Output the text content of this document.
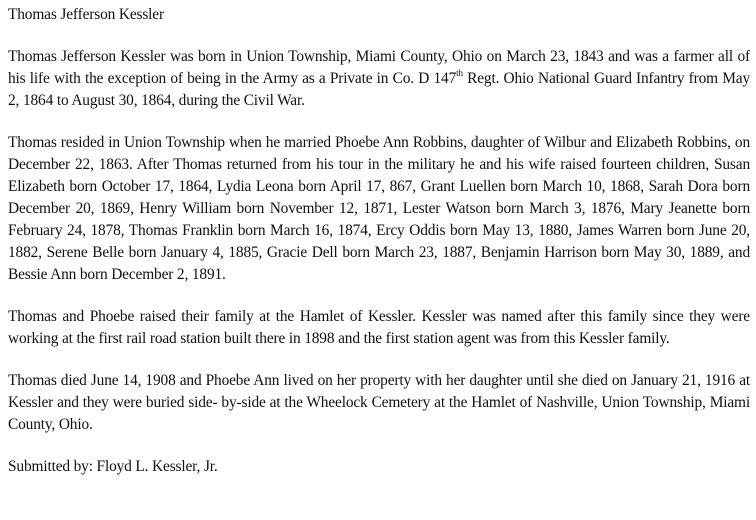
Thomas Jefferson Kessler

Thomas Jefferson Kessler was born in Union Township, Miami County, Ohio on March 23, 1843 and was a farmer all of his life with the exception of being in the Army as a Private in Co. D 147th Regt. Ohio National Guard Infantry from May 2, 1864 to August 30, 1864, during the Civil War.

Thomas resided in Union Township when he married Phoebe Ann Robbins, daughter of Wilbur and Elizabeth Robbins, on December 22, 1863. After Thomas returned from his tour in the military he and his wife raised fourteen children, Susan Elizabeth born October 17, 1864, Lydia Leona born April 17, 867, Grant Luellen born March 10, 1868, Sarah Dora born December 20, 1869, Henry William born November 12, 1871, Lester Watson born March 3, 1876, Mary Jeanette born February 24, 1878, Thomas Franklin born March 16, 1874, Ercy Oddis born May 13, 1880, James Warren born June 20, 1882, Serene Belle born January 4, 1885, Gracie Dell born March 23, 1887, Benjamin Harrison born May 30, 1889, and Bessie Ann born December 2, 1891.

Thomas and Phoebe raised their family at the Hamlet of Kessler. Kessler was named after this family since they were working at the first rail road station built there in 1898 and the first station agent was from this Kessler family.

Thomas died June 14, 1908 and Phoebe Ann lived on her property with her daughter until she died on January 21, 1916 at Kessler and they were buried side- by-side at the Wheelock Cemetery at the Hamlet of Nashville, Union Township, Miami County, Ohio.

Submitted by: Floyd L. Kessler, Jr.
